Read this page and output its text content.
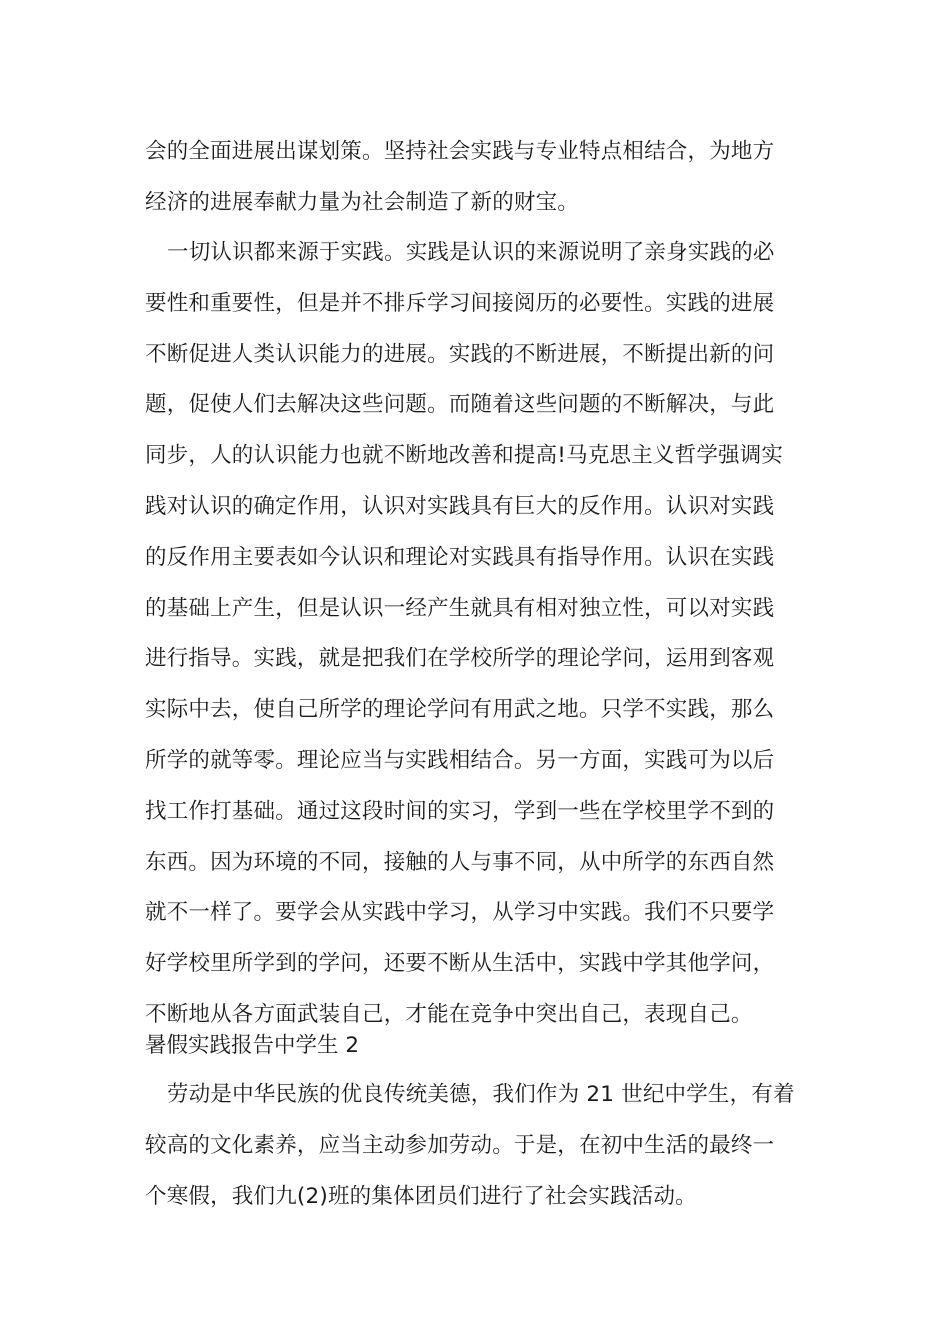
会的全面进展出谋划策。坚持社会实践与专业特点相结合，为地方
经济的进展奉献力量为社会制造了新的财宝。
一切认识都来源于实践。实践是认识的来源说明了亲身实践的必
要性和重要性，但是并不排斥学习间接阅历的必要性。实践的进展
不断促进人类认识能力的进展。实践的不断进展，不断提出新的问
题，促使人们去解决这些问题。而随着这些问题的不断解决，与此
同步，人的认识能力也就不断地改善和提高!马克思主义哲学强调实
践对认识的确定作用，认识对实践具有巨大的反作用。认识对实践
的反作用主要表如今认识和理论对实践具有指导作用。认识在实践
的基础上产生，但是认识一经产生就具有相对独立性，可以对实践
进行指导。实践，就是把我们在学校所学的理论学问，运用到客观
实际中去，使自己所学的理论学问有用武之地。只学不实践，那么
所学的就等零。理论应当与实践相结合。另一方面，实践可为以后
找工作打基础。通过这段时间的实习，学到一些在学校里学不到的
东西。因为环境的不同，接触的人与事不同，从中所学的东西自然
就不一样了。要学会从实践中学习，从学习中实践。我们不只要学
好学校里所学到的学问，还要不断从生活中，实践中学其他学问，
不断地从各方面武装自己，才能在竞争中突出自己，表现自己。
暑假实践报告中学生 2
劳动是中华民族的优良传统美德，我们作为 21 世纪中学生，有着
较高的文化素养，应当主动参加劳动。于是，在初中生活的最终一
个寒假，我们九(2)班的集体团员们进行了社会实践活动。
